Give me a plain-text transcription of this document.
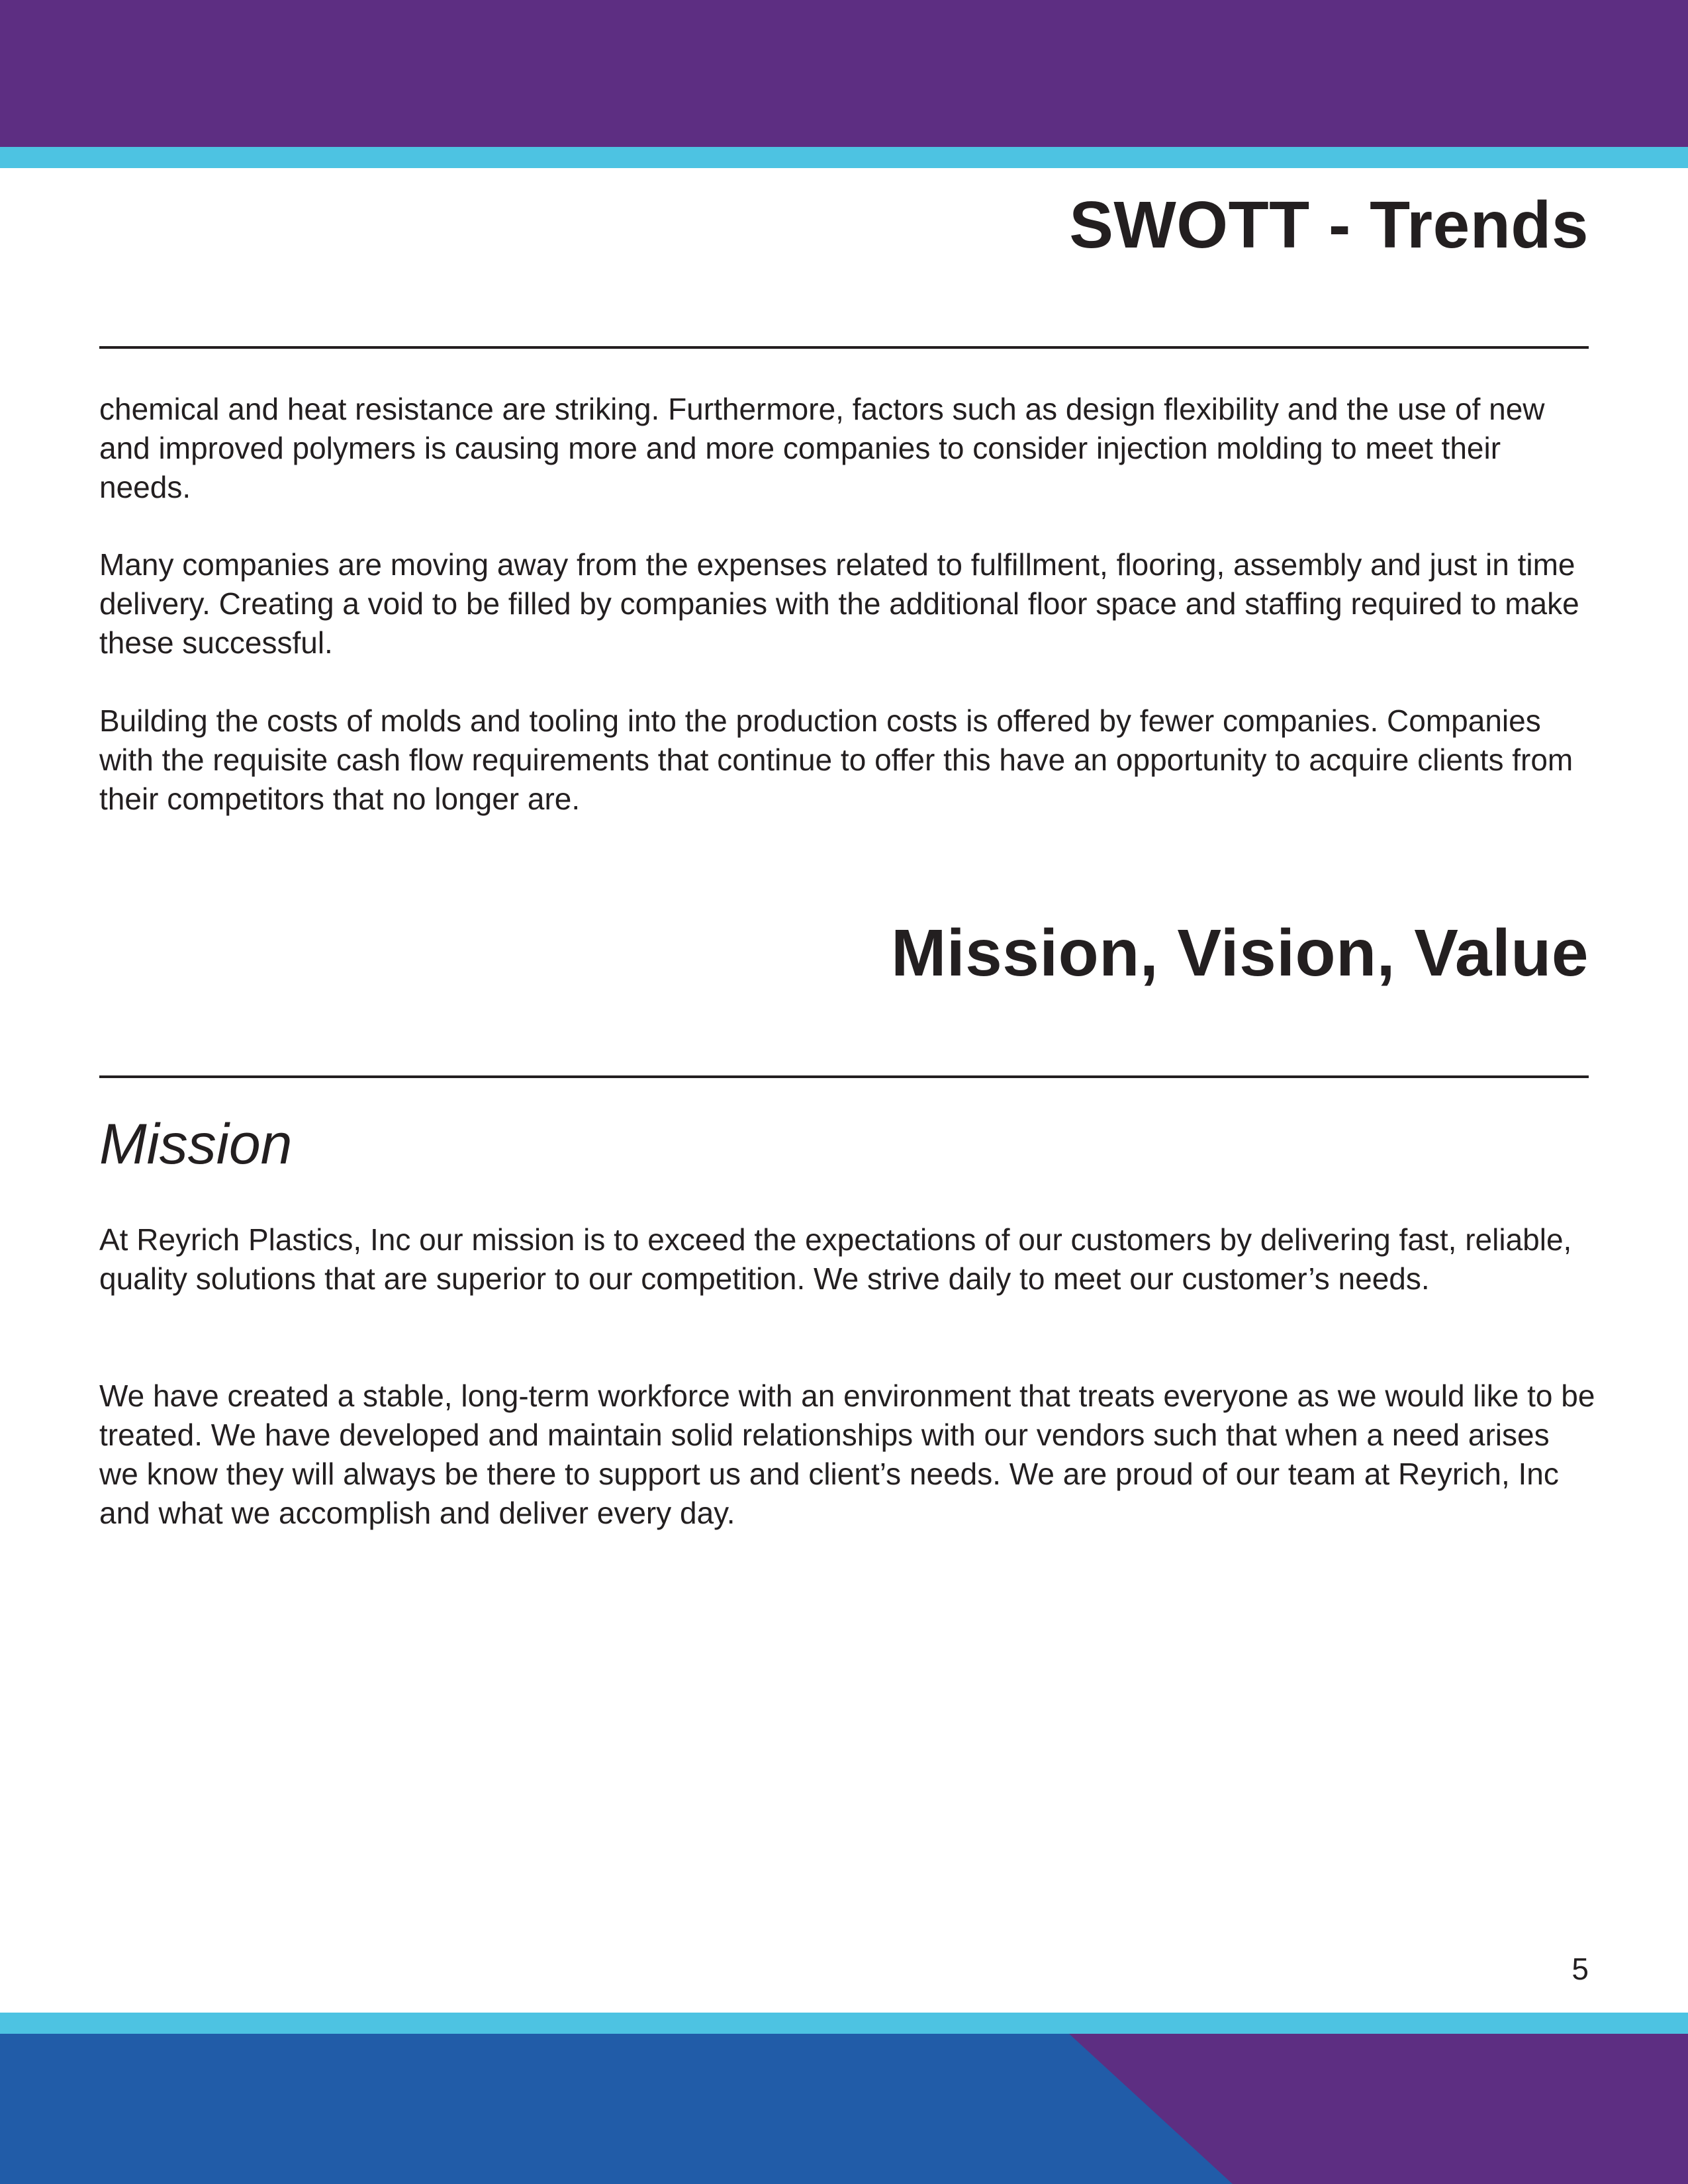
SWOTT - Trends

chemical and heat resistance are striking. Furthermore, factors such as design flexibility and the use of new and improved polymers is causing more and more companies to consider injection molding to meet their needs.

Many companies are moving away from the expenses related to fulfillment, flooring, assembly and just in time delivery. Creating a void to be filled by companies with the additional floor space and staffing required to make these successful.

Building the costs of molds and tooling into the production costs is offered by fewer companies. Companies with the requisite cash flow requirements that continue to offer this have an opportunity to acquire clients from their competitors that no longer are.

Mission, Vision, Value
Mission

At Reyrich Plastics, Inc our mission is to exceed the expectations of our customers by delivering fast, reliable, quality solutions that are superior to our competition. We strive daily to meet our customer’s needs.

We have created a stable, long-term workforce with an environment that treats everyone as we would like to be treated. We have developed and maintain solid relationships with our vendors such that when a need arises we know they will always be there to support us and client’s needs. We are proud of our team at Reyrich, Inc and what we accomplish and deliver every day.

5
